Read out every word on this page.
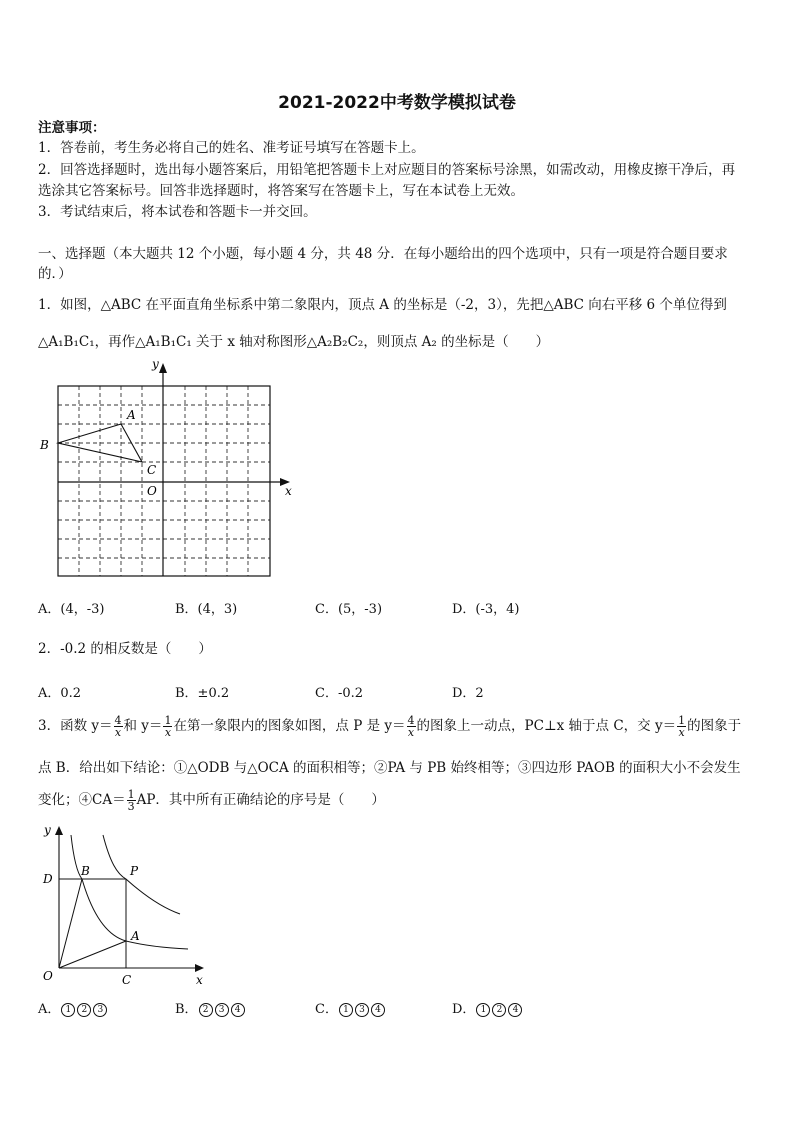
2021-2022中考数学模拟试卷
注意事项：
1．答卷前，考生务必将自己的姓名、准考证号填写在答题卡上。
2．回答选择题时，选出每小题答案后，用铅笔把答题卡上对应题目的答案标号涂黑，如需改动，用橡皮擦干净后，再
选涂其它答案标号。回答非选择题时，将答案写在答题卡上，写在本试卷上无效。
3．考试结束后，将本试卷和答题卡一并交回。
一、选择题（本大题共 12 个小题，每小题 4 分，共 48 分．在每小题给出的四个选项中，只有一项是符合题目要求
的．）
1．如图，△ABC 在平面直角坐标系中第二象限内，顶点 A 的坐标是（-2，3），先把△ABC 向右平移 6 个单位得到
△A₁B₁C₁，再作△A₁B₁C₁ 关于 x 轴对称图形△A₂B₂C₂，则顶点 A₂ 的坐标是（　　）
y
x
A
B
C
O
A．(4，-3)	B．(4，3)	C．(5，-3)	D．(-3，4)
2．-0.2 的相反数是（　　）
A．0.2	B．±0.2	C．-0.2	D．2
3．函数 $y= \frac{4}{x}$ 和 $y= \frac{1}{x}$ 在第一象限内的图象如图，点 P 是 $y= \frac{4}{x}$ 的图象上一动点，PC⊥x 轴于点 C，交 $y= \frac{1}{x}$ 的图象于
点 B．给出如下结论：①△ODB 与△OCA 的面积相等；②PA 与 PB 始终相等；③四边形 PAOB 的面积大小不会发生
变化；④CA＝ $\frac{1}{3}$ AP．其中所有正确结论的序号是（　　）
y
x
D
B	P
A
O	C
A． 1 2 3	B． 2 3 4	C． 1 3 4	D． 1 2 4
